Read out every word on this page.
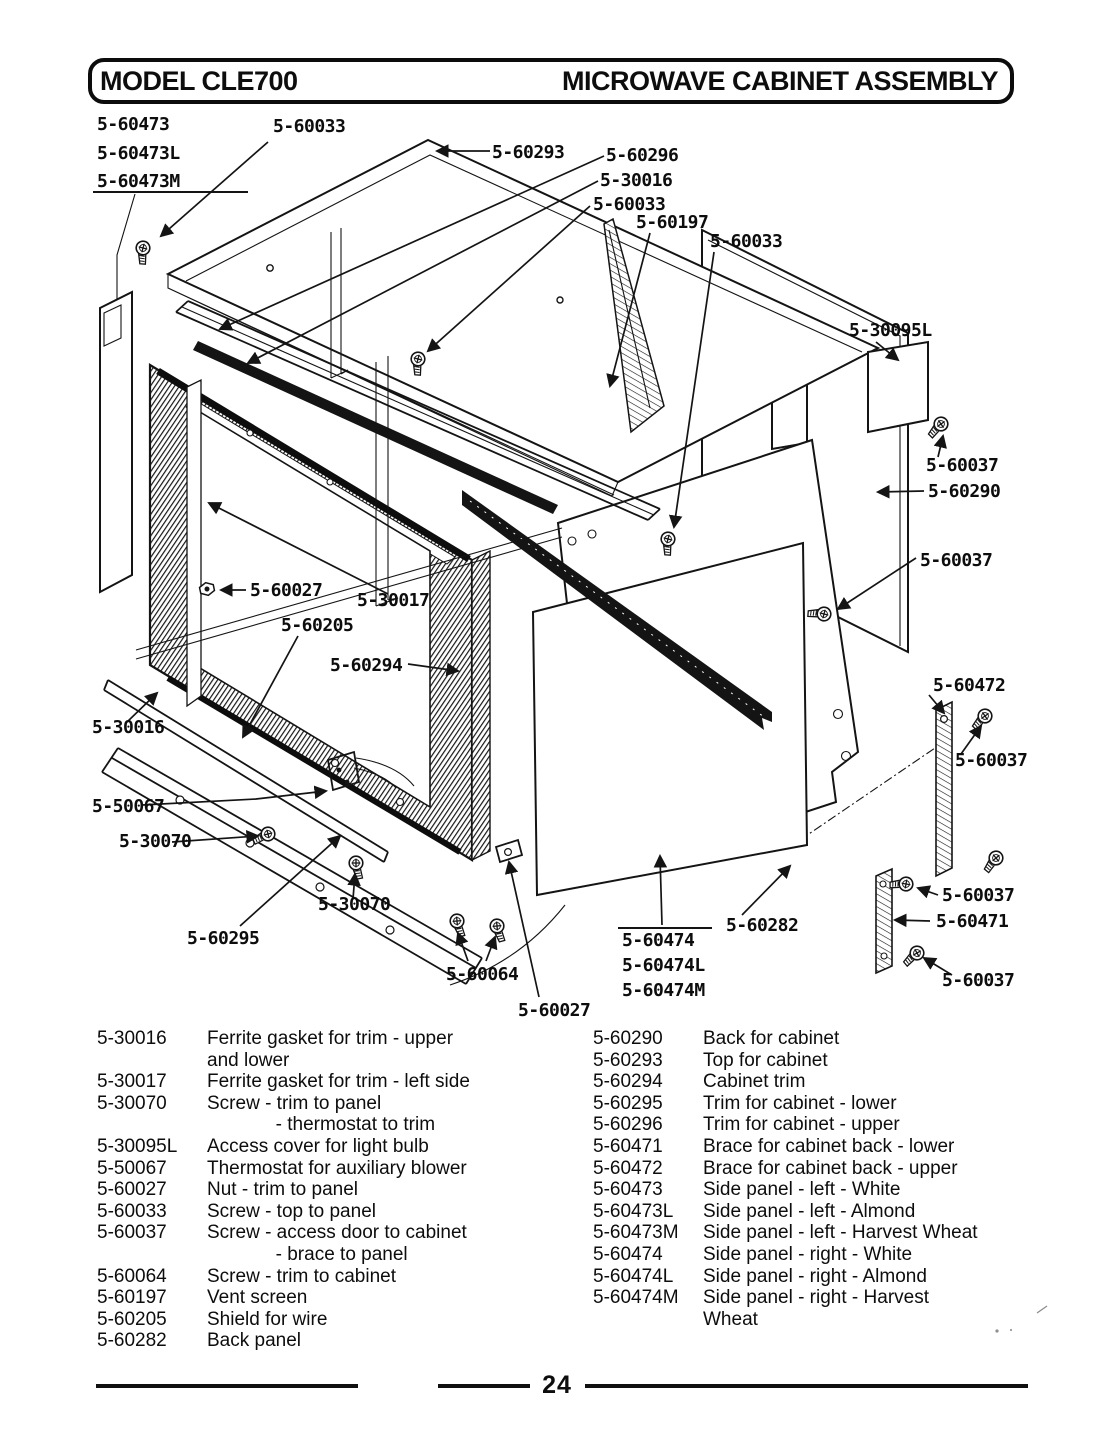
MODEL CLE700	MICROWAVE CABINET ASSEMBLY
5-60473
5-60473L
5-60473M
5-60033
5-60293 5-60296
5-30016
5-60033
5-60197
5-60033
5-30095L
5-60037
5-60290
5-60037
5-60027 5-30017
5-60205
5-60294
5-60472
5-60037
5-30016
5-50067
5-30070
5-30070
5-60295
5-60064
5-60027
5-60474
5-60474L
5-60474M
5-60282
5-60037
5-60471
5-60037
5-30016	Ferrite gasket for trim - upper
and lower
5-30017	Ferrite gasket for trim - left side
5-30070	Screw - trim to panel
- thermostat to trim
5-30095L	Access cover for light bulb
5-50067	Thermostat for auxiliary blower
5-60027	Nut - trim to panel
5-60033	Screw - top to panel
5-60037	Screw - access door to cabinet
- brace to panel
5-60064	Screw - trim to cabinet
5-60197	Vent screen
5-60205	Shield for wire
5-60282	Back panel
5-60290	Back for cabinet
5-60293	Top for cabinet
5-60294	Cabinet trim
5-60295	Trim for cabinet - lower
5-60296	Trim for cabinet - upper
5-60471	Brace for cabinet back - lower
5-60472	Brace for cabinet back - upper
5-60473	Side panel - left - White
5-60473L	Side panel - left - Almond
5-60473M	Side panel - left - Harvest Wheat
5-60474	Side panel - right - White
5-60474L	Side panel - right - Almond
5-60474M	Side panel - right - Harvest
Wheat
24
